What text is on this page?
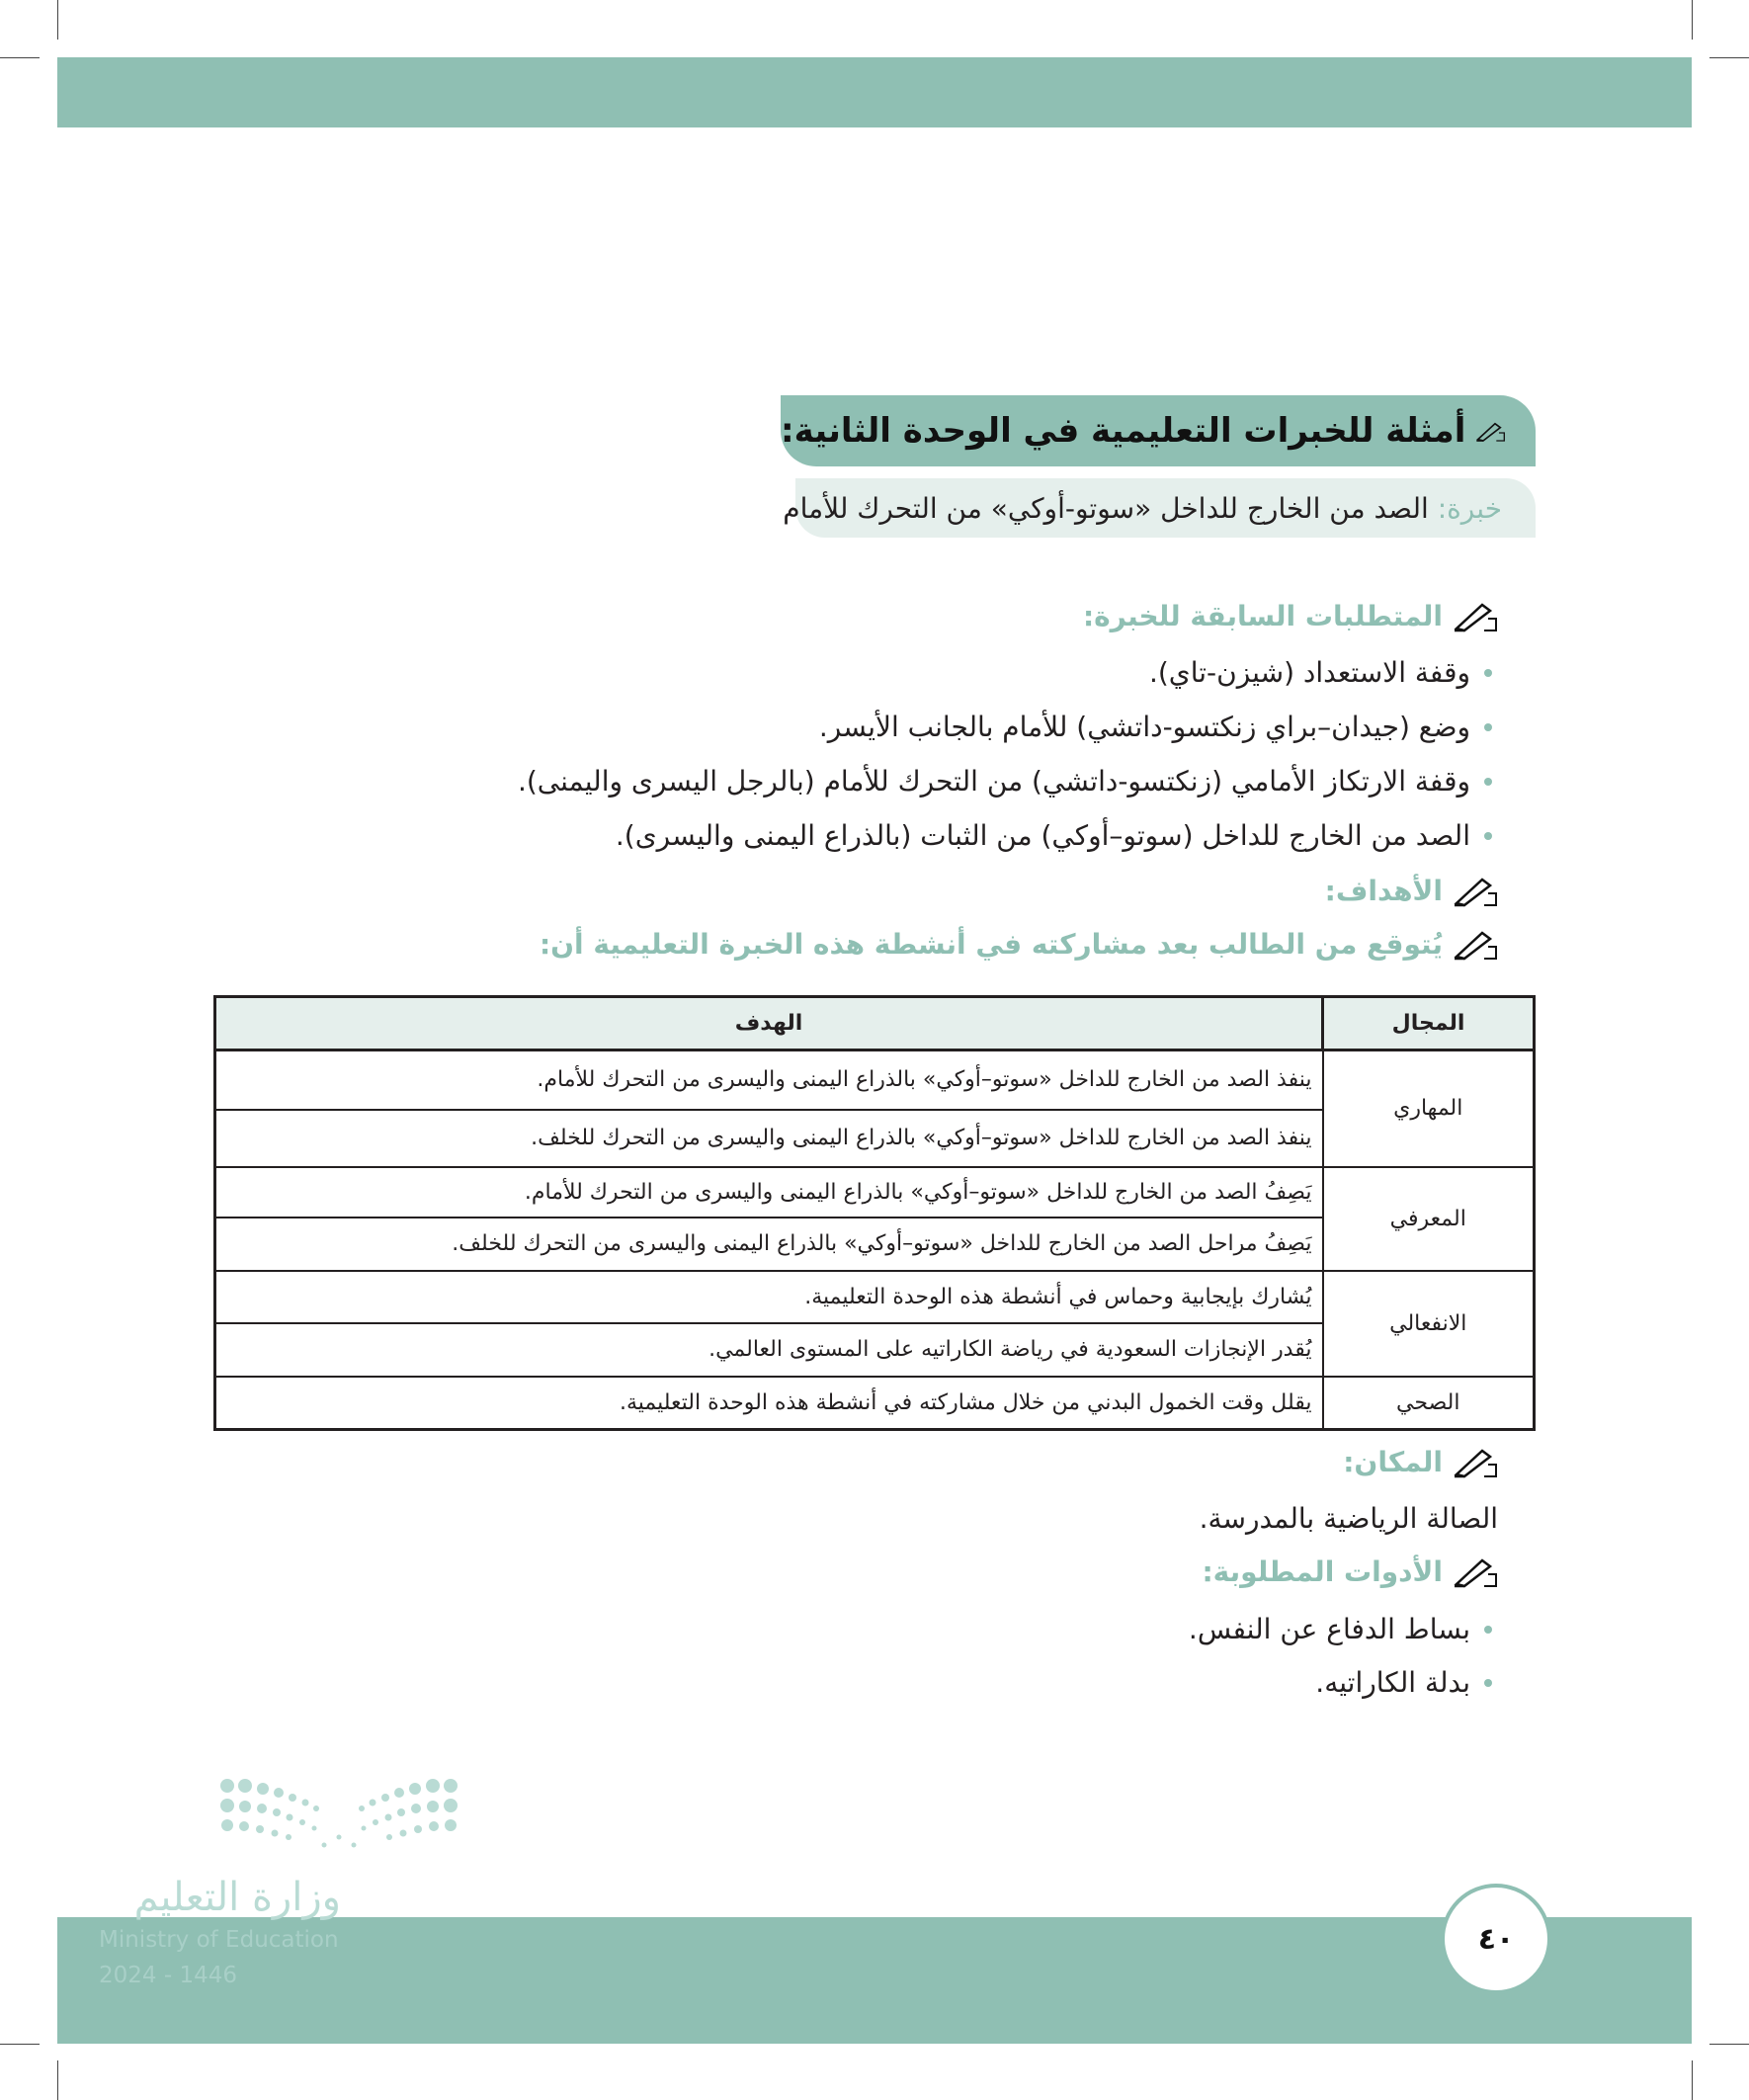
أمثلة للخبرات التعليمية في الوحدة الثانية:
خبرة:

الصد من الخارج للداخل «سوتو-أوكي» من التحرك للأمام
المتطلبات السابقة للخبرة:
وقفة الاستعداد (شيزن-تاي).
وضع (جيدان–براي زنكتسو-داتشي) للأمام بالجانب الأيسر.
وقفة الارتكاز الأمامي (زنكتسو-داتشي) من التحرك للأمام (بالرجل اليسرى واليمنى).
الصد من الخارج للداخل (سوتو–أوكي) من الثبات (بالذراع اليمنى واليسرى).
الأهداف:
يُتوقع من الطالب بعد مشاركته في أنشطة هذه الخبرة التعليمية أن:
المجال	الهدف
المهاري	ينفذ الصد من الخارج للداخل «سوتو–أوكي» بالذراع اليمنى واليسرى من التحرك للأمام.
	ينفذ الصد من الخارج للداخل «سوتو–أوكي» بالذراع اليمنى واليسرى من التحرك للخلف.
المعرفي	يَصِفُ الصد من الخارج للداخل «سوتو–أوكي» بالذراع اليمنى واليسرى من التحرك للأمام.
	يَصِفُ مراحل الصد من الخارج للداخل «سوتو–أوكي» بالذراع اليمنى واليسرى من التحرك للخلف.
الانفعالي	يُشارك بإيجابية وحماس في أنشطة هذه الوحدة التعليمية.
	يُقدر الإنجازات السعودية في رياضة الكاراتيه على المستوى العالمي.
الصحي	يقلل وقت الخمول البدني من خلال مشاركته في أنشطة هذه الوحدة التعليمية.
المكان:
الصالة الرياضية بالمدرسة.
الأدوات المطلوبة:
بساط الدفاع عن النفس.
بدلة الكاراتيه.
وزارة التعليم
Ministry of Education
2024 - 1446
٤٠
